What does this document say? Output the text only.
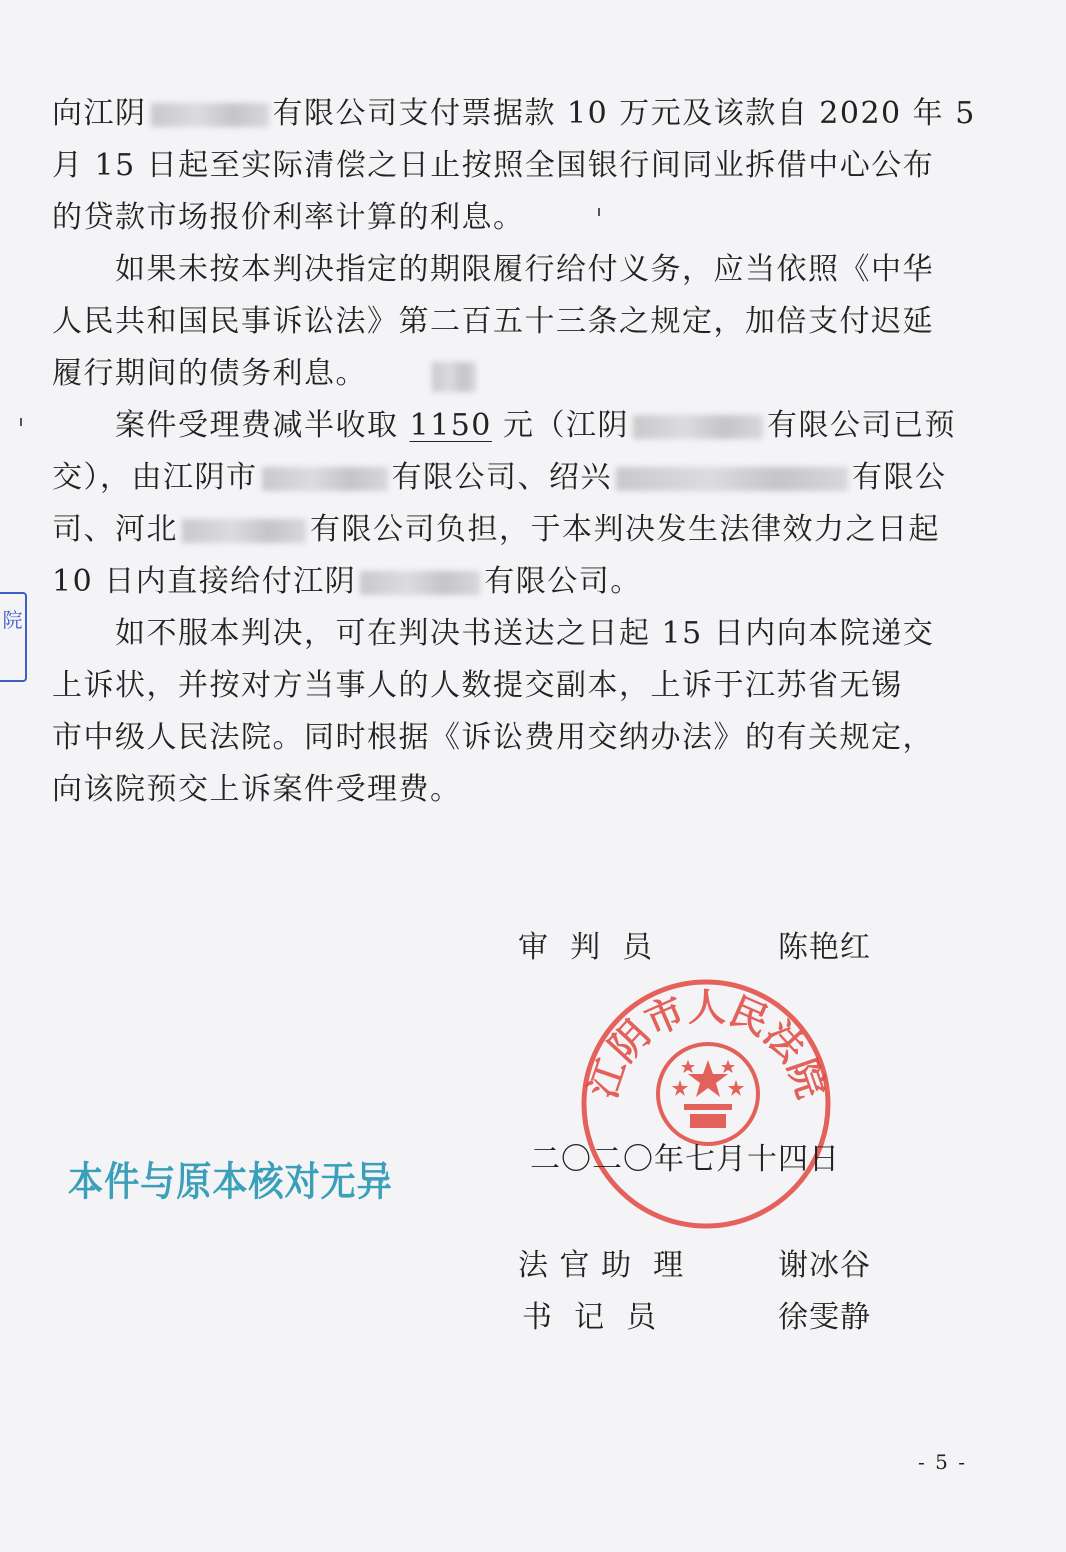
向江阴	有限公司支付票据款 10 万元及该款自 2020 年 5
月 15 日起至实际清偿之日止按照全国银行间同业拆借中心公布
的贷款市场报价利率计算的利息。
　　如果未按本判决指定的期限履行给付义务，应当依照《中华
人民共和国民事诉讼法》第二百五十三条之规定，加倍支付迟延
履行期间的债务利息。
　　案件受理费减半收取 1150 元（江阴	有限公司已预
交），由江阴市	有限公司、绍兴	有限公
司、河北	有限公司负担，于本判决发生法律效力之日起
10 日内直接给付江阴	有限公司。
　　如不服本判决，可在判决书送达之日起 15 日内向本院递交
上诉状，并按对方当事人的人数提交副本，上诉于江苏省无锡
市中级人民法院。同时根据《诉讼费用交纳办法》的有关规定，
向该院预交上诉案件受理费。
院
审  判  员	陈艳红
江阴市人民法院
二〇二〇年七月十四日
本件与原本核对无异
法 官 助  理	谢冰谷
书  记  员	徐雯静
- 5 -
